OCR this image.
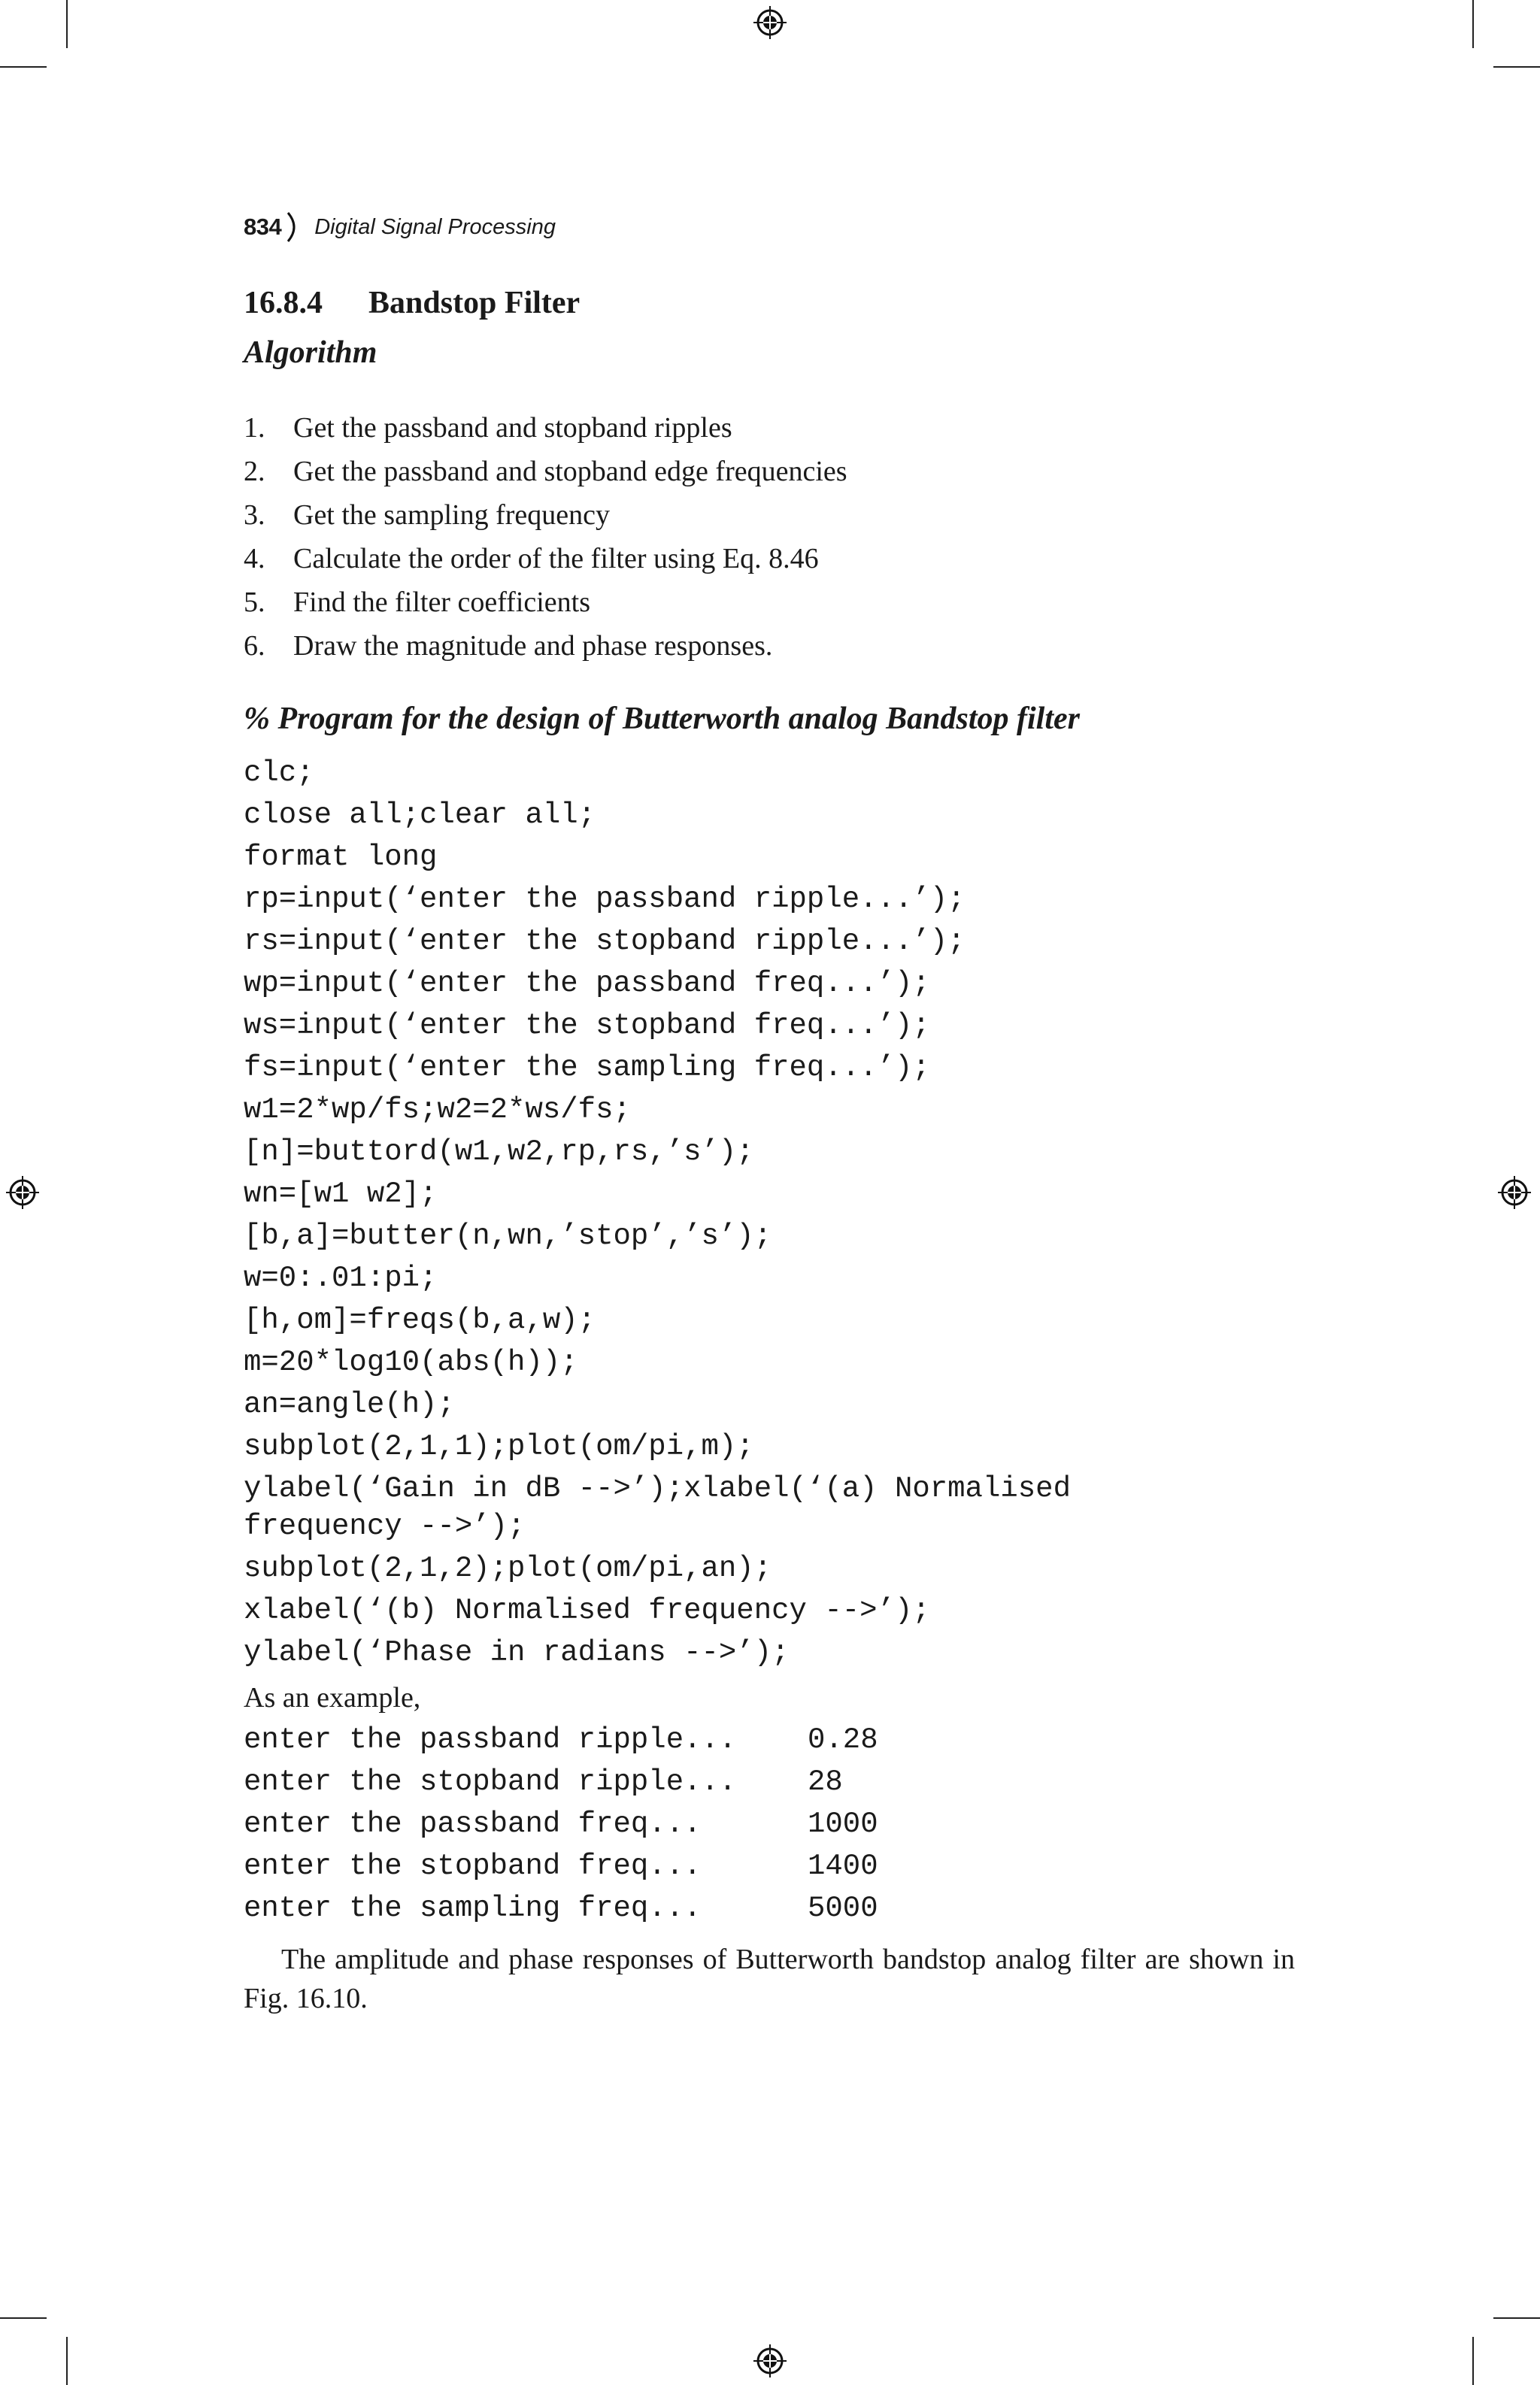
834 Digital Signal Processing
16.8.4 Bandstop Filter
Algorithm
1. Get the passband and stopband ripples
2. Get the passband and stopband edge frequencies
3. Get the sampling frequency
4. Calculate the order of the filter using Eq. 8.46
5. Find the filter coefficients
6. Draw the magnitude and phase responses.
% Program for the design of Butterworth analog Bandstop filter
clc;
close all;clear all;
format long
rp=input(‘enter the passband ripple...’);
rs=input(‘enter the stopband ripple...’);
wp=input(‘enter the passband freq...’);
ws=input(‘enter the stopband freq...’);
fs=input(‘enter the sampling freq...’);
w1=2*wp/fs;w2=2*ws/fs;
[n]=buttord(w1,w2,rp,rs,’s’);
wn=[w1 w2];
[b,a]=butter(n,wn,’stop’,’s’);
w=0:.01:pi;
[h,om]=freqs(b,a,w);
m=20*log10(abs(h));
an=angle(h);
subplot(2,1,1);plot(om/pi,m);
ylabel(‘Gain in dB -->’);xlabel(‘(a) Normalised
frequency -->’);
subplot(2,1,2);plot(om/pi,an);
xlabel(‘(b) Normalised frequency -->’);
ylabel(‘Phase in radians -->’);
As an example,
enter the passband ripple...	0.28
enter the stopband ripple...	28
enter the passband freq...	1000
enter the stopband freq...	1400
enter the sampling freq...	5000

The amplitude and phase responses of Butterworth bandstop analog filter are shown in Fig. 16.10.
